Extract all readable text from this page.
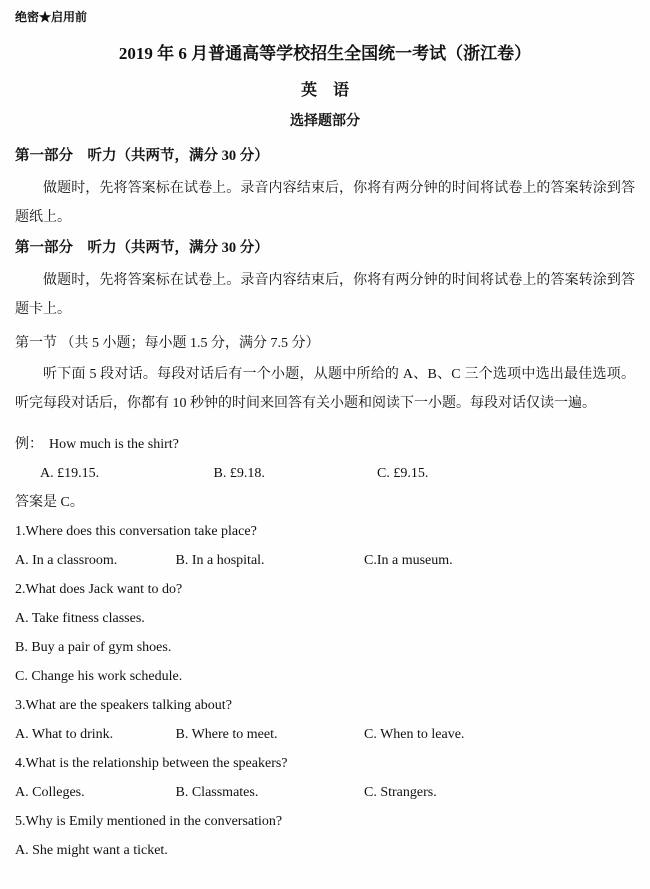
绝密★启用前
2019 年 6 月普通高等学校招生全国统一考试（浙江卷）
英　语
选择题部分
第一部分　听力（共两节，满分 30 分）

做题时，先将答案标在试卷上。录音内容结束后，你将有两分钟的时间将试卷上的答案转涂到答题纸上。

第一部分　听力（共两节，满分 30 分）

做题时，先将答案标在试卷上。录音内容结束后，你将有两分钟的时间将试卷上的答案转涂到答题卡上。

第一节 （共 5 小题；每小题 1.5 分，满分 7.5 分）

听下面 5 段对话。每段对话后有一个小题，从题中所给的 A、B、C 三个选项中选出最佳选项。听完每段对话后，你都有 10 秒钟的时间来回答有关小题和阅读下一小题。每段对话仅读一遍。

例： How much is the shirt?
A. £19.15.	B. £9.18.	C. £9.15.
答案是 C。
1.Where does this conversation take place?
A. In a classroom.	B. In a hospital.	C.In a museum.
2.What does Jack want to do?
A. Take fitness classes.
B. Buy a pair of gym shoes.
C. Change his work schedule.
3.What are the speakers talking about?
A. What to drink.	B. Where to meet.	C. When to leave.
4.What is the relationship between the speakers?
A. Colleges.	B. Classmates.	C. Strangers.
5.Why is Emily mentioned in the conversation?
A. She might want a ticket.
